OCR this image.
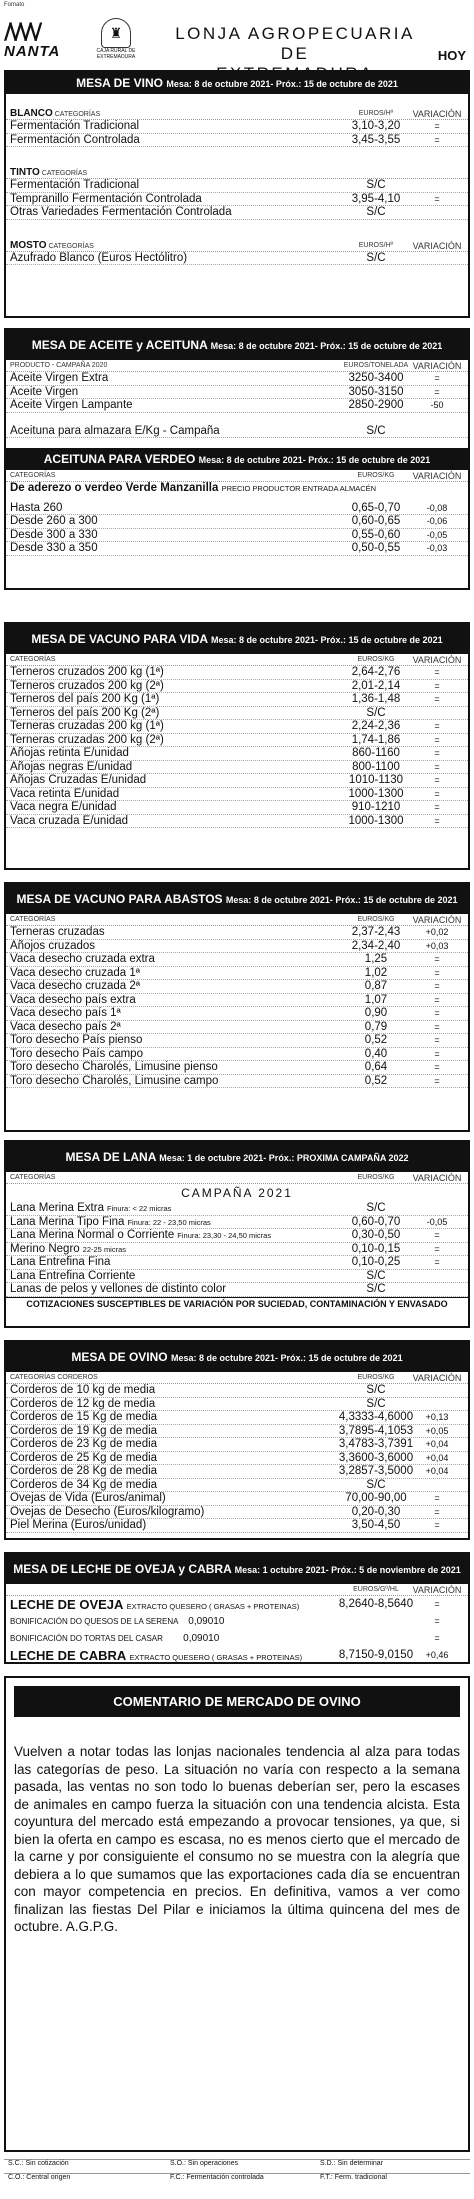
Fomato
/\/\/\/
NANTA
♜
CAJA RURAL DE EXTREMADURA
LONJA AGROPECUARIA DE	HOY
MESA DE VINO Mesa: 8 de octubre 2021- Próx.: 15 de octubre de 2021
BLANCO CATEGORÍAS	EUROS/Hº	VARIACIÓN
Fermentación Tradicional	3,10-3,20	=
Fermentación Controlada	3,45-3,55	=
TINTO CATEGORÍAS
Fermentación Tradicional	S/C
Tempranillo Fermentación Controlada	3,95-4,10	=
Otras Variedades Fermentación Controlada	S/C
MOSTO CATEGORÍAS	EUROS/Hº	VARIACIÓN
Azufrado Blanco (Euros Hectólitro)	S/C
MESA DE ACEITE y ACEITUNA Mesa: 8 de octubre 2021- Próx.: 15 de octubre de 2021
PRODUCTO - CAMPAÑA 2020	EUROS/TONELADA VARIACIÓN
Aceite Virgen Extra	3250-3400	=
Aceite Virgen	3050-3150	=
Aceite Virgen Lampante	2850-2900	-50
Aceituna para almazara E/Kg - Campaña	S/C
ACEITUNA PARA VERDEO Mesa: 8 de octubre 2021- Próx.: 15 de octubre de 2021
CATEGORÍAS	EUROS/KG	VARIACIÓN
De aderezo o verdeo Verde Manzanilla PRECIO PRODUCTOR ENTRADA ALMACÉN
Hasta 260	0,65-0,70	-0,08
Desde 260 a 300	0,60-0,65	-0,06
Desde 300 a 330	0,55-0,60	-0,05
Desde 330 a 350	0,50-0,55	-0,03
MESA DE VACUNO PARA VIDA Mesa: 8 de octubre 2021- Próx.: 15 de octubre de 2021
CATEGORÍAS	EUROS/KG	VARIACIÓN
Terneros cruzados 200 kg (1ª)	2,64-2,76	=
Terneros cruzados 200 kg (2ª)	2,01-2,14	=
Terneros del país 200 Kg (1ª)	1,36-1,48	=
Terneros del país 200 Kg (2ª)	S/C
Terneras cruzadas 200 kg (1ª)	2,24-2,36	=
Terneras cruzadas 200 kg (2ª)	1,74-1,86	=
Añojas retinta E/unidad	860-1160	=
Añojas negras E/unidad	800-1100	=
Añojas Cruzadas E/unidad	1010-1130	=
Vaca retinta E/unidad	1000-1300	=
Vaca negra E/unidad	910-1210	=
Vaca cruzada E/unidad	1000-1300	=
MESA DE VACUNO PARA ABASTOS Mesa: 8 de octubre 2021- Próx.: 15 de octubre de 2021
CATEGORÍAS	EUROS/KG	VARIACIÓN
Terneras cruzadas	2,37-2,43	+0,02
Añojos cruzados	2,34-2,40	+0,03
Vaca desecho cruzada extra	1,25	=
Vaca desecho cruzada 1ª	1,02	=
Vaca desecho cruzada 2ª	0,87	=
Vaca desecho país extra	1,07	=
Vaca desecho país 1ª	0,90	=
Vaca desecho país 2ª	0,79	=
Toro desecho País pienso	0,52	=
Toro desecho País campo	0,40	=
Toro desecho Charolés, Limusine pienso	0,64	=
Toro desecho Charolés, Limusine campo	0,52	=
MESA DE LANA Mesa: 1 de octubre 2021- Próx.: PROXIMA CAMPAÑA 2022
CATEGORÍAS	EUROS/KG	VARIACIÓN
CAMPAÑA 2021
Lana Merina Extra Finura: < 22 micras	S/C
Lana Merina Tipo Fina Finura: 22 - 23,50 micras	0,60-0,70	-0,05
Lana Merina Normal o Corriente Finura: 23,30 - 24,50 micras	0,30-0,50	=
Merino Negro 22-25 micras	0,10-0,15	=
Lana Entrefina Fina	0,10-0,25	=
Lana Entrefina Corriente	S/C
Lanas de pelos y vellones de distinto color	S/C
COTIZACIONES SUSCEPTIBLES DE VARIACIÓN POR SUCIEDAD, CONTAMINACIÓN Y ENVASADO
MESA DE OVINO Mesa: 8 de octubre 2021- Próx.: 15 de octubre de 2021
CATEGORÍAS CORDEROS	EUROS/KG	VARIACIÓN
Corderos de 10 kg de media	S/C
Corderos de 12 kg de media	S/C
Corderos de 15 Kg de media	4,3333-4,6000	+0,13
Corderos de 19 Kg de media	3,7895-4,1053	+0,05
Corderos de 23 Kg de media	3,4783-3,7391	+0,04
Corderos de 25 Kg de media	3,3600-3,6000	+0,04
Corderos de 28 Kg de media	3,2857-3,5000	+0,04
Corderos de 34 Kg de media	S/C
Ovejas de Vida (Euros/animal)	70,00-90,00	=
Ovejas de Desecho (Euros/kilogramo)	0,20-0,30	=
Piel Merina (Euros/unidad)	3,50-4,50	=
MESA DE LECHE DE OVEJA y CABRA Mesa: 1 octubre 2021- Próx.: 5 de noviembre de 2021
EUROS/Gº/HL	VARIACIÓN
LECHE DE OVEJA EXTRACTO QUESERO ( GRASAS + PROTEINAS)	8,2640-8,5640	=
BONIFICACIÓN DO QUESOS DE LA SERENA 0,09010	=
BONIFICACIÓN DO TORTAS DEL CASAR 0,09010	=
LECHE DE CABRA EXTRACTO QUESERO ( GRASAS + PROTEINAS)	8,7150-9,0150	+0,46
COMENTARIO DE MERCADO DE OVINO
Vuelven a notar todas las lonjas nacionales tendencia al alza para todas las categorías de peso. La situación no varía con respecto a la semana pasada, las ventas no son todo lo buenas deberían ser, pero la escases de animales en campo fuerza la situación con una tendencia alcista. Esta coyuntura del mercado está empezando a provocar tensiones, ya que, si bien la oferta en campo es escasa, no es menos cierto que el mercado de la carne y por consiguiente el consumo no se muestra con la alegría que debiera a lo que sumamos que las exportaciones cada día se encuentran con mayor competencia en precios. En definitiva, vamos a ver como finalizan las fiestas Del Pilar e iniciamos la última quincena del mes de octubre. A.G.P.G.
S.C.: Sin cotización	S.O.: Sin operaciones	S.D.: Sin determinar
C.O.: Central origen	F.C.: Fermentación controlada	F.T.: Ferm. tradicional
